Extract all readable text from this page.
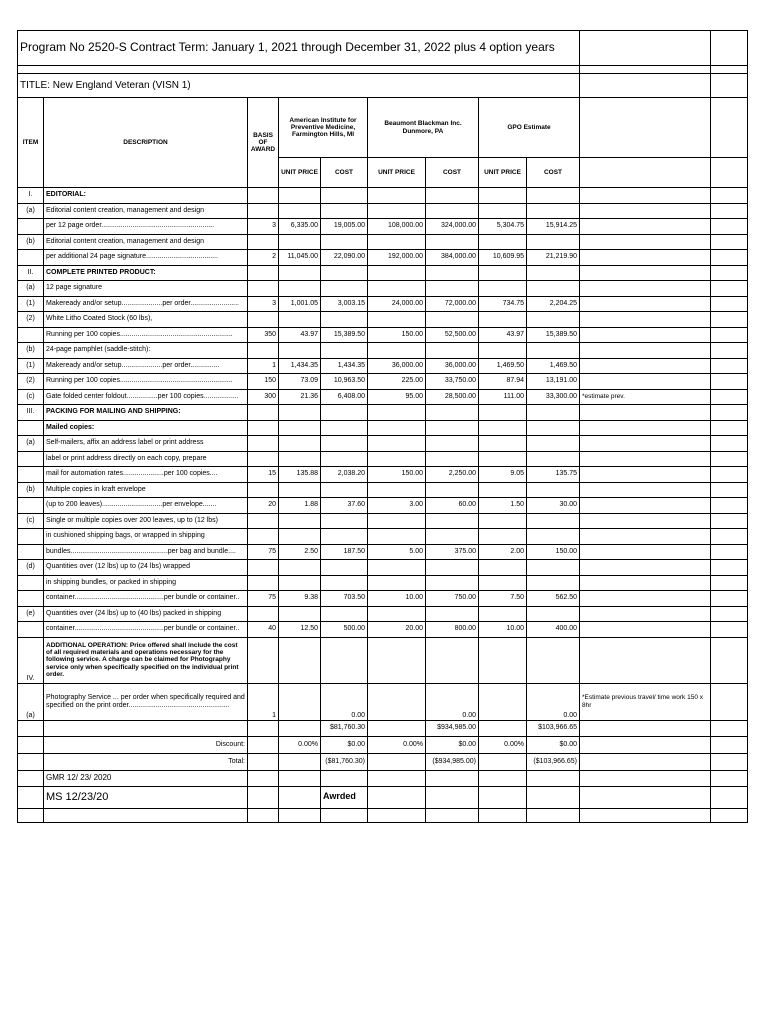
Program No 2520-S Contract Term: January 1, 2021 through December 31, 2022 plus 4 option years										

TITLE: New England Veteran (VISN 1)										
ITEM	DESCRIPTION	BASIS OF AWARD	American Institute for Preventive Medicine, Farmington Hills, MI		Beaumont Blackman Inc. Dunmore, PA		GPO Estimate			
			UNIT PRICE	COST	UNIT PRICE	COST	UNIT PRICE	COST		
I.	EDITORIAL:									
(a)	Editorial content creation, management and design									
	per 12 page order..........................................................	3	6,335.00	19,005.00	108,000.00	324,000.00	5,304.75	15,914.25		
(b)	Editorial content creation, management and design									
	per additional 24 page signature.....................................	2	11,045.00	22,090.00	192,000.00	384,000.00	10,609.95	21,219.90		
II.	COMPLETE PRINTED PRODUCT:									
(a)	12 page signature									
(1)	Makeready and/or setup.....................per order.........................	3	1,001.05	3,003.15	24,000.00	72,000.00	734.75	2,204.25		
(2)	White Litho Coated Stock (60 lbs),									
	Running per 100 copies..........................................................	350	43.97	15,389.50	150.00	52,500.00	43.97	15,389.50		
(b)	24-page pamphlet (saddle-stitch):									
(1)	Makeready and/or setup.....................per order...............	1	1,434.35	1,434.35	36,000.00	36,000.00	1,469.50	1,469.50		
(2)	Running per 100 copies..........................................................	150	73.09	10,963.50	225.00	33,750.00	87.94	13,191.00		
(c)	Gate folded center foldout................per 100 copies..................	300	21.36	6,408.00	95.00	28,500.00	111.00	33,300.00	*estimate prev.	
III.	PACKING FOR MAILING AND SHIPPING:									
	Mailed copies:									
(a)	Self-mailers, affix an address label or print address									
	label or print address directly on each copy, prepare									
	mail for automation rates.....................per 100 copies....	15	135.88	2,038.20	150.00	2,250.00	9.05	135.75		
(b)	Multiple copies in kraft envelope									
	(up to 200 leaves)...............................per envelope.......	20	1.88	37.60	3.00	60.00	1.50	30.00		
(c)	Single or multiple copies over 200 leaves, up to (12 lbs)									
	in cushioned shipping bags, or wrapped in shipping									
	bundles..................................................per bag and bundle....	75	2.50	187.50	5.00	375.00	2.00	150.00		
(d)	Quantities over (12 lbs) up to (24 lbs) wrapped									
	in shipping bundles, or packed in shipping									
	container..............................................per bundle or container..	75	9.38	703.50	10.00	750.00	7.50	562.50		
(e)	Quantities over (24 lbs) up to (40 lbs) packed in shipping									
	container..............................................per bundle or container..	40	12.50	500.00	20.00	800.00	10.00	400.00		
IV.	ADDITIONAL OPERATION: Price offered shall include the cost of all required materials and operations necessary for the following service. A charge can be claimed for Photography service only when specifically specified on the individual print order.									
(a)	Photography Service ... per order when specifically required and specified on the print order....................................................	1		0.00		0.00		0.00	*Estimate previous travel/ time work 150 x 8hr	
				$81,760.30		$934,985.00		$103,966.65		
	Discount:		0.00%	$0.00	0.00%	$0.00	0.00%	$0.00		
	Total:			($81,760.30)		($934,985.00)		($103,966.65)		
	GMR 12/ 23/ 2020									
	MS 12/23/20			Awrded						
